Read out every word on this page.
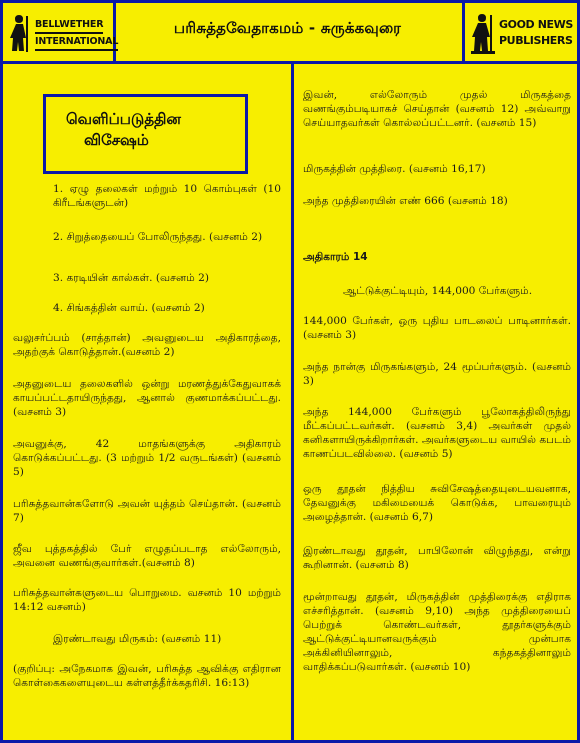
BELLWETHER INTERNATIONAL
பரிசுத்தவேதாகமம் - சுருக்கவுரை	GOOD NEWS
PUBLISHERS
வெளிப்படுத்தின
விசேஷம்

1. ஏழு தலைகள் மற்றும் 10 கொம்புகள் (10 கிரீடங்களுடன்)

2. சிறுத்தையைப் போலிருந்தது. (வசனம் 2)

3. கரடியின் கால்கள். (வசனம் 2)

4. சிங்கத்தின் வாய். (வசனம் 2)

வலுசர்ப்பம் (சாத்தான்) அவனுடைய அதிகாரத்தை, அதற்குக் கொடுத்தான்.(வசனம் 2)

அதனுடைய தலைகளில் ஒன்று மரணத்துக்கேதுவாகக் காயப்பட்டதாயிருந்தது, ஆனால் குணமாக்கப்பட்டது. (வசனம் 3)

அவனுக்கு, 42 மாதங்களுக்கு அதிகாரம் கொடுக்கப்பட்டது. (3 மற்றும் 1/2 வருடங்கள்) (வசனம் 5)

பரிசுத்தவான்களோடு அவன் யுத்தம் செய்தான். (வசனம் 7)

ஜீவ புத்தகத்தில் பேர் எழுதப்படாத எல்லோரும், அவனை வணங்குவார்கள்.(வசனம் 8)

பரிசுத்தவான்களுடைய பொறுமை. வசனம் 10 மற்றும் 14:12 வசனம்)

இரண்டாவது மிருகம்: (வசனம் 11)

(குறிப்பு: அநேகமாக இவன், பரிசுத்த ஆவிக்கு எதிரான கொள்கைகளையுடைய கள்ளத்தீர்க்கதரிசி. 16:13)

இவன், எல்லோரும் முதல் மிருகத்தை வணங்கும்படியாகச் செய்தான் (வசனம் 12) அவ்வாறு செய்யாதவர்கள் கொல்லப்பட்டனர். (வசனம் 15)

மிருகத்தின் முத்திரை. (வசனம் 16,17)

அந்த முத்திரையின் எண் 666 (வசனம் 18)

அதிகாரம் 14

ஆட்டுக்குட்டியும், 144,000 பேர்களும்.

144,000 பேர்கள், ஒரு புதிய பாடலைப் பாடினார்கள். (வசனம் 3)

அந்த நான்கு மிருகங்களும், 24 மூப்பர்களும். (வசனம் 3)

அந்த 144,000 பேர்களும் பூலோகத்திலிருந்து மீட்கப்பட்டவர்கள். (வசனம் 3,4) அவர்கள் முதல் கனிகளாயிருக்கிறார்கள். அவர்களுடைய வாயில் கபடம் காணப்படவில்லை. (வசனம் 5)

ஒரு தூதன் நித்திய சுவிசேஷத்தையுடையவனாக, தேவனுக்கு மகிமையைக் கொடுக்க, பாவரையும் அழைத்தான். (வசனம் 6,7)

இரண்டாவது தூதன், பாபிலோன் விழுந்தது, என்று கூறினான். (வசனம் 8)

மூன்றாவது தூதன், மிருகத்தின் முத்திரைக்கு எதிராக எச்சரித்தான். (வசனம் 9,10) அந்த முத்திரையைப் பெற்றுக் கொண்டவர்கள், தூதர்களுக்கும் ஆட்டுக்குட்டியானவருக்கும் முன்பாக அக்கினியினாலும், கந்தகத்தினாலும் வாதிக்கப்படுவார்கள். (வசனம் 10)
